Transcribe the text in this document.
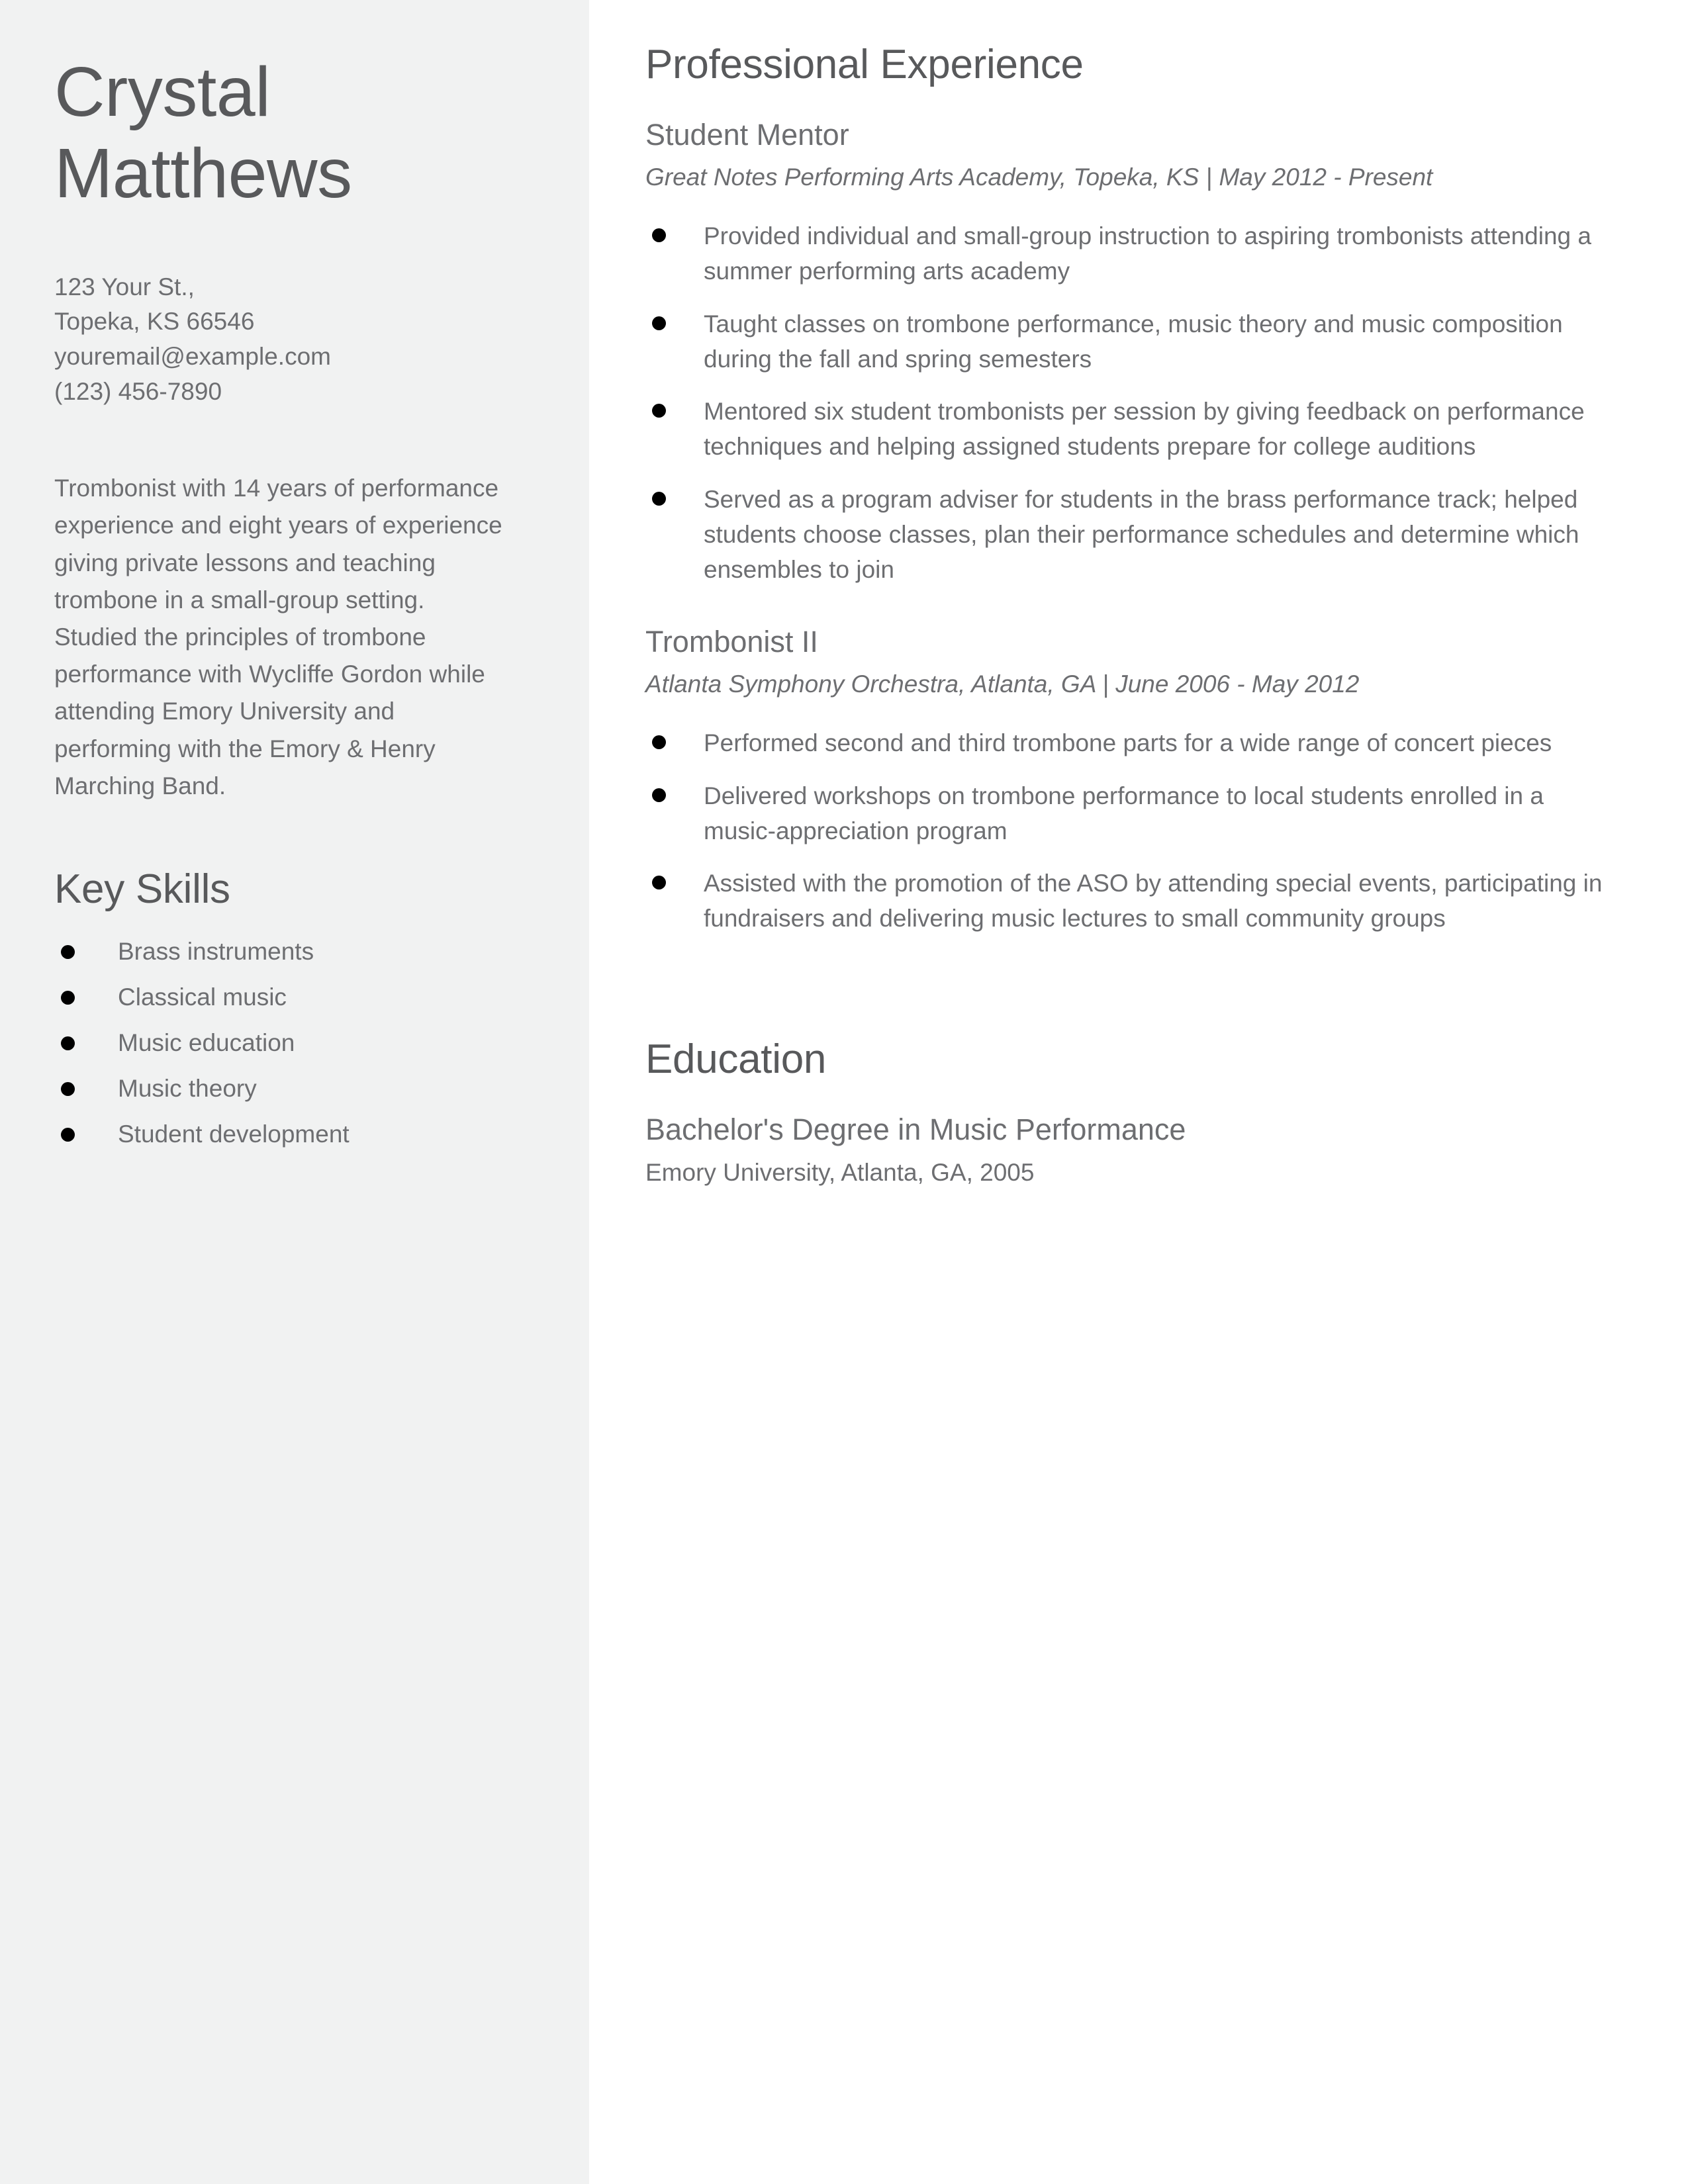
Crystal
Matthews
123 Your St.,
Topeka, KS 66546
youremail@example.com
(123) 456-7890

Trombonist with 14 years of performance experience and eight years of experience giving private lessons and teaching trombone in a small-group setting. Studied the principles of trombone performance with Wycliffe Gordon while attending Emory University and performing with the Emory & Henry Marching Band.

Key Skills
Brass instruments
Classical music
Music education
Music theory
Student development
Professional Experience
Student Mentor

Great Notes Performing Arts Academy, Topeka, KS | May 2012 - Present

Provided individual and small-group instruction to aspiring trombonists attending a summer performing arts academy
Taught classes on trombone performance, music theory and music composition during the fall and spring semesters
Mentored six student trombonists per session by giving feedback on performance techniques and helping assigned students prepare for college auditions
Served as a program adviser for students in the brass performance track; helped students choose classes, plan their performance schedules and determine which ensembles to join
Trombonist II

Atlanta Symphony Orchestra, Atlanta, GA | June 2006 - May 2012

Performed second and third trombone parts for a wide range of concert pieces
Delivered workshops on trombone performance to local students enrolled in a music-appreciation program
Assisted with the promotion of the ASO by attending special events, participating in fundraisers and delivering music lectures to small community groups
Education
Bachelor's Degree in Music Performance

Emory University, Atlanta, GA, 2005
